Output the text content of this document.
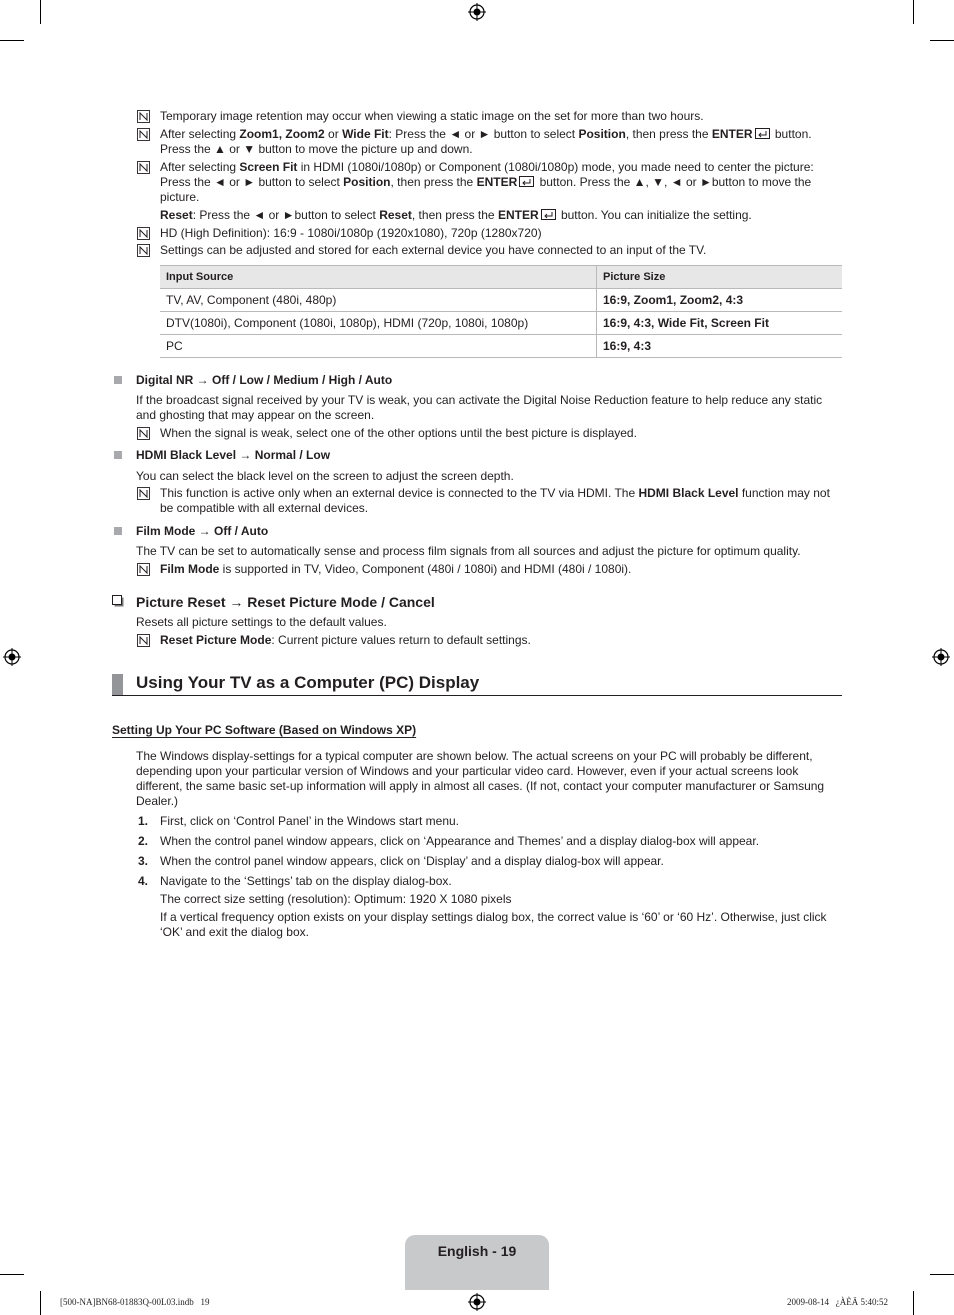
Temporary image retention may occur when viewing a static image on the set for more than two hours.
After selecting Zoom1, Zoom2 or Wide Fit: Press the ◄ or ► button to select Position, then press the ENTER button. Press the ▲ or ▼ button to move the picture up and down.
After selecting Screen Fit in HDMI (1080i/1080p) or Component (1080i/1080p) mode, you made need to center the picture: Press the ◄ or ► button to select Position, then press the ENTER button. Press the ▲, ▼, ◄ or ►button to move the picture.
Reset: Press the ◄ or ►button to select Reset, then press the ENTER button. You can initialize the setting.
HD (High Definition): 16:9 - 1080i/1080p (1920x1080), 720p (1280x720)
Settings can be adjusted and stored for each external device you have connected to an input of the TV.
Input Source	Picture Size
TV, AV, Component (480i, 480p)	16:9, Zoom1, Zoom2, 4:3
DTV(1080i), Component (1080i, 1080p), HDMI (720p, 1080i, 1080p)	16:9, 4:3, Wide Fit, Screen Fit
PC	16:9, 4:3
Digital NR → Off / Low / Medium / High / Auto
If the broadcast signal received by your TV is weak, you can activate the Digital Noise Reduction feature to help reduce any static and ghosting that may appear on the screen.
When the signal is weak, select one of the other options until the best picture is displayed.
HDMI Black Level → Normal / Low
You can select the black level on the screen to adjust the screen depth.
This function is active only when an external device is connected to the TV via HDMI. The HDMI Black Level function may not be compatible with all external devices.
Film Mode → Off / Auto
The TV can be set to automatically sense and process film signals from all sources and adjust the picture for optimum quality.
Film Mode is supported in TV, Video, Component (480i / 1080i) and HDMI (480i / 1080i).
Picture Reset → Reset Picture Mode / Cancel
Resets all picture settings to the default values.
Reset Picture Mode: Current picture values return to default settings.
Using Your TV as a Computer (PC) Display
Setting Up Your PC Software (Based on Windows XP)
The Windows display-settings for a typical computer are shown below. The actual screens on your PC will probably be different, depending upon your particular version of Windows and your particular video card. However, even if your actual screens look different, the same basic set-up information will apply in almost all cases. (If not, contact your computer manufacturer or Samsung Dealer.)
1. First, click on ‘Control Panel’ in the Windows start menu.
2. When the control panel window appears, click on ‘Appearance and Themes’ and a display dialog-box will appear.
3. When the control panel window appears, click on ‘Display’ and a display dialog-box will appear.
4. Navigate to the ‘Settings’ tab on the display dialog-box.
The correct size setting (resolution): Optimum: 1920 X 1080 pixels
If a vertical frequency option exists on your display settings dialog box, the correct value is ‘60’ or ‘60 Hz’. Otherwise, just click ‘OK’ and exit the dialog box.
English - 19
[500-NA]BN68-01883Q-00L03.indb   19	2009-08-14   ¿ÀÈÄ 5:40:52
